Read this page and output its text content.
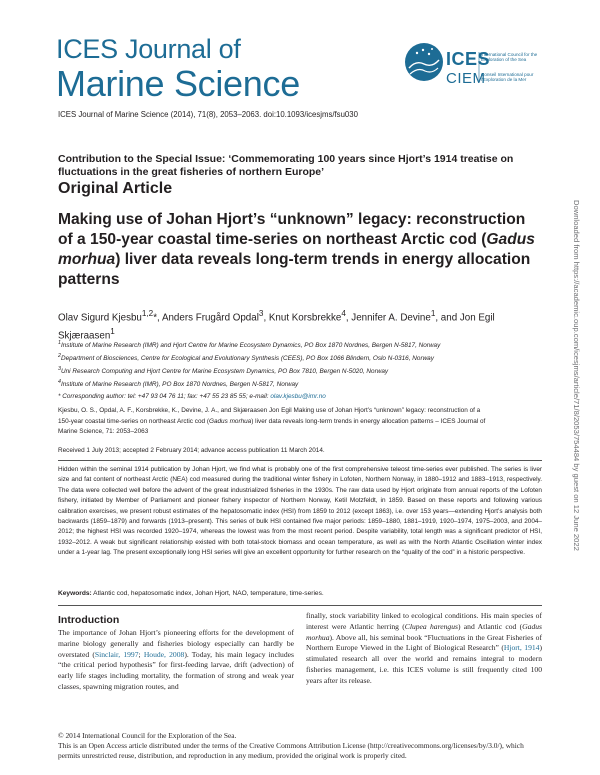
ICES Journal of
Marine Science
ICES
CIEM
International Council for the Exploration of the Sea
Conseil International pour l'Exploration de la Mer
ICES Journal of Marine Science (2014), 71(8), 2053–2063. doi:10.1093/icesjms/fsu030
Contribution to the Special Issue: ‘Commemorating 100 years since Hjort’s 1914 treatise on fluctuations in the great fisheries of northern Europe’
Original Article
Making use of Johan Hjort’s “unknown” legacy: reconstruction of a 150-year coastal time-series on northeast Arctic cod (Gadus morhua) liver data reveals long-term trends in energy allocation patterns
Olav Sigurd Kjesbu$^{1,2}$*, Anders Frugård Opdal$^3$, Knut Korsbrekke$^4$, Jennifer A. Devine$^1$, and Jon Egil Skjæraasen$^1$
$^1$Institute of Marine Research (IMR) and Hjort Centre for Marine Ecosystem Dynamics, PO Box 1870 Nordnes, Bergen N-5817, Norway
$^2$Department of Biosciences, Centre for Ecological and Evolutionary Synthesis (CEES), PO Box 1066 Blindern, Oslo N-0316, Norway
$^3$Uni Research Computing and Hjort Centre for Marine Ecosystem Dynamics, PO Box 7810, Bergen N-5020, Norway
$^4$Institute of Marine Research (IMR), PO Box 1870 Nordnes, Bergen N-5817, Norway
* Corresponding author: tel: +47 93 04 76 11; fax: +47 55 23 85 55; e-mail: olav.kjesbu@imr.no
Kjesbu, O. S., Opdal, A. F., Korsbrekke, K., Devine, J. A., and Skjæraasen Jon Egil Making use of Johan Hjort’s “unknown” legacy: reconstruction of a 150-year coastal time-series on northeast Arctic cod (Gadus morhua) liver data reveals long-term trends in energy allocation patterns – ICES Journal of Marine Science, 71: 2053–2063
Received 1 July 2013; accepted 2 February 2014; advance access publication 11 March 2014.
Hidden within the seminal 1914 publication by Johan Hjort, we find what is probably one of the first comprehensive teleost time-series ever published. The series is liver size and fat content of northeast Arctic (NEA) cod measured during the traditional winter fishery in Lofoten, Northern Norway, in 1880–1912 and 1883–1913, respectively. The data were collected well before the advent of the great industrialized fisheries in the 1930s. The raw data used by Hjort originate from annual reports of the Lofoten fishery, initiated by Member of Parliament and pioneer fishery inspector of Northern Norway, Ketil Motzfeldt, in 1859. Based on these reports and following various calibration exercises, we present robust estimates of the hepatosomatic index (HSI) from 1859 to 2012 (except 1863), i.e. over 153 years—extending Hjort’s analysis both backwards (1859–1879) and forwards (1913–present). This series of bulk HSI contained five major periods: 1859–1880, 1881–1919, 1920–1974, 1975–2003, and 2004–2012; the highest HSI was recorded 1920–1974, whereas the lowest was from the most recent period. Despite variability, total length was a significant predictor of HSI, 1932–2012. A weak but significant relationship existed with both total-stock biomass and ocean temperature, as well as with the North Atlantic Oscillation winter index under a 1-year lag. The present exceptionally long HSI series will give an excellent opportunity for further research on the “quality of the cod” in a historic perspective.
Keywords: Atlantic cod, hepatosomatic index, Johan Hjort, NAO, temperature, time-series.
Introduction
The importance of Johan Hjort’s pioneering efforts for the development of marine biology generally and fisheries biology especially can hardly be overstated (Sinclair, 1997; Houde, 2008). Today, his main legacy includes “the critical period hypothesis” for first-feeding larvae, drift (advection) of early life stages including mortality, the formation of strong and weak year classes, spawning migration routes, and
finally, stock variability linked to ecological conditions. His main species of interest were Atlantic herring (Clupea harengus) and Atlantic cod (Gadus morhua). Above all, his seminal book “Fluctuations in the Great Fisheries of Northern Europe Viewed in the Light of Biological Research” (Hjort, 1914) stimulated research all over the world and remains integral to modern fisheries management, i.e. this ICES volume is still frequently cited 100 years after its release.
© 2014 International Council for the Exploration of the Sea.
This is an Open Access article distributed under the terms of the Creative Commons Attribution License (http://creativecommons.org/licenses/by/3.0/), which permits unrestricted reuse, distribution, and reproduction in any medium, provided the original work is properly cited.
Downloaded from https://academic.oup.com/icesjms/article/71/8/2053/754484 by guest on 12 June 2022
